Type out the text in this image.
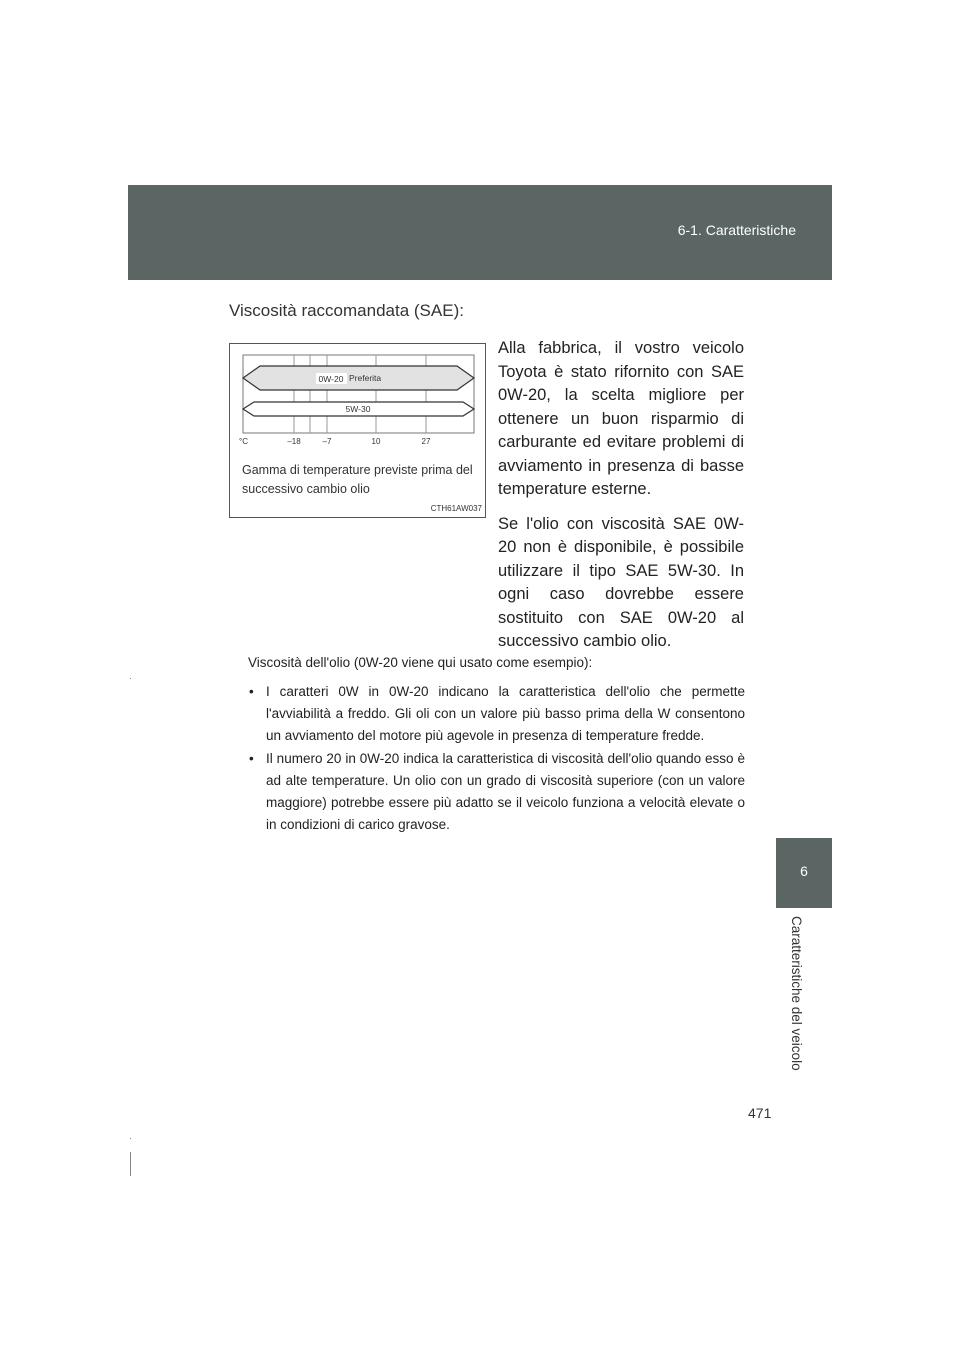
6-1. Caratteristiche
6
Caratteristiche del veicolo
471
Viscosità raccomandata (SAE):
0W-20 Preferita
5W-30
°C	–18	–7	10	27
Gamma di temperature previste prima del successivo cambio olio
CTH61AW037

Alla fabbrica, il vostro veicolo Toyota è stato rifornito con SAE 0W-20, la scelta migliore per ottenere un buon risparmio di carburante ed evitare problemi di avviamento in presenza di basse temperature esterne.

Se l'olio con viscosità SAE 0W-20 non è disponibile, è possibile utilizzare il tipo SAE 5W-30. In ogni caso dovrebbe essere sostituito con SAE 0W-20 al successivo cambio olio.

Viscosità dell'olio (0W-20 viene qui usato come esempio):
• I caratteri 0W in 0W-20 indicano la caratteristica dell'olio che permette l'avviabilità a freddo. Gli oli con un valore più basso prima della W consentono un avviamento del motore più agevole in presenza di temperature fredde.
• Il numero 20 in 0W-20 indica la caratteristica di viscosità dell'olio quando esso è ad alte temperature. Un olio con un grado di viscosità superiore (con un valore maggiore) potrebbe essere più adatto se il veicolo funziona a velocità elevate o in condizioni di carico gravose.
